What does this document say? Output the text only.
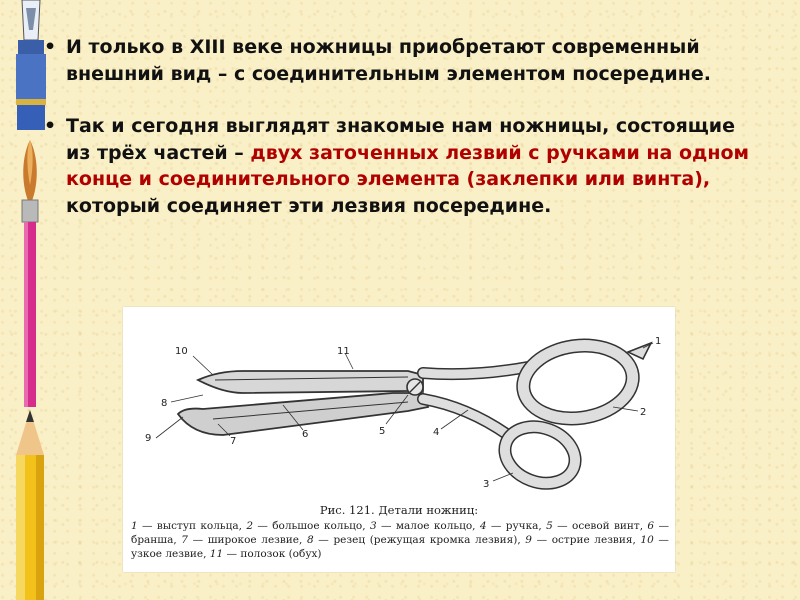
• И только в XIII веке ножницы приобретают современный внешний вид – с соединительным элементом посередине.
• Так и сегодня выглядят знакомые нам ножницы, состоящие из трёх частей – двух заточенных лезвий с ручками на одном конце и соединительного элемента (заклепки или винта), который соединяет эти лезвия посередине.
1
2
3
4
5
6
7
8
9
10	11
Рис. 121. Детали ножниц:
1 — выступ кольца, 2 — большое кольцо, 3 — малое кольцо, 4 — ручка, 5 — осевой винт, 6 — бранша, 7 — широкое лезвие, 8 — резец (режущая кромка лезвия), 9 — острие лезвия, 10 — узкое лезвие, 11 — полозок (обух)
